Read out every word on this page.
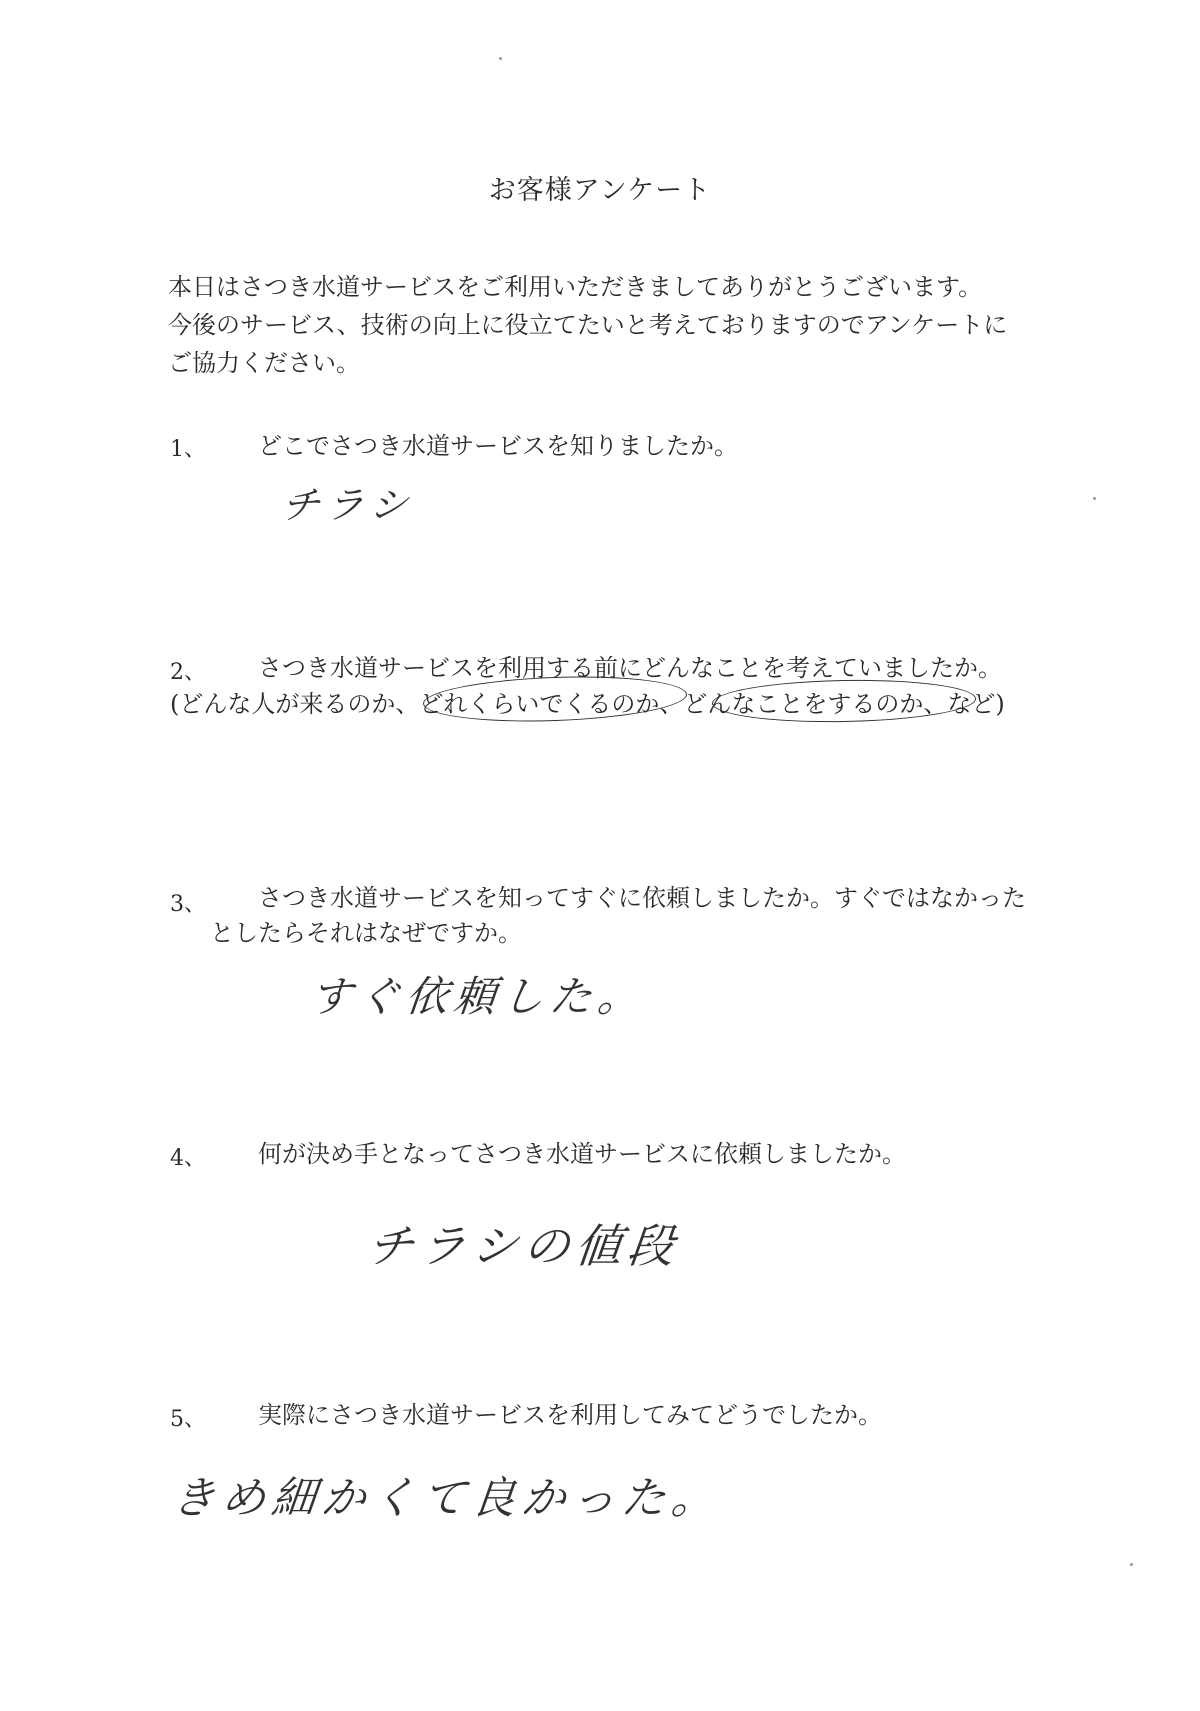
お客様アンケート
本日はさつき水道サービスをご利用いただきましてありがとうございます。
今後のサービス、技術の向上に役立てたいと考えておりますのでアンケートに
ご協力ください。
1、 どこでさつき水道サービスを知りましたか。
チラシ
2、 さつき水道サービスを利用する前にどんなことを考えていましたか。
(どんな人が来るのか、どれくらいでくるのか、どんなことをするのか、など)
3、 さつき水道サービスを知ってすぐに依頼しましたか。すぐではなかった
としたらそれはなぜですか。
すぐ依頼した。
4、 何が決め手となってさつき水道サービスに依頼しましたか。
チラシの値段
5、 実際にさつき水道サービスを利用してみてどうでしたか。
きめ細かくて良かった。
